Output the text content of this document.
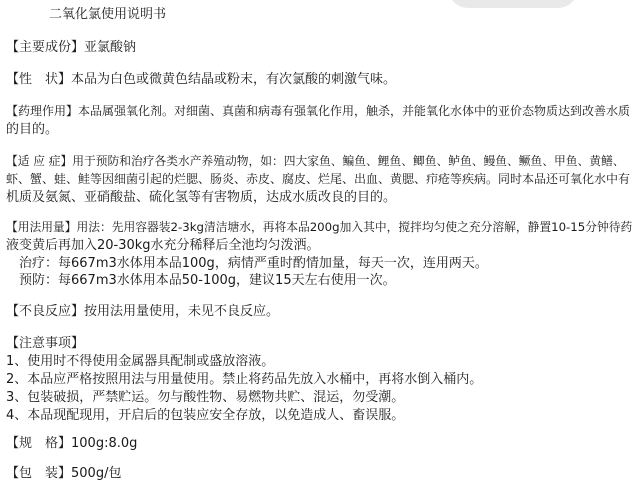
二氧化氯使用说明书
【主要成份】亚氯酸钠
【性　状】本品为白色或微黄色结晶或粉末，有次氯酸的刺激气味。
【药理作用】本品属强氧化剂。对细菌、真菌和病毒有强氧化作用，触杀，并能氧化水体中的亚价态物质达到改善水质
的目的。
【适 应 症】用于预防和治疗各类水产养殖动物，如：四大家鱼、鳊鱼、鲤鱼、鲫鱼、鲈鱼、鳗鱼、鳜鱼、甲鱼、黄鳝、
虾、蟹、蛙、鲑等因细菌引起的烂腮、肠炎、赤皮、腐皮、烂尾、出血、黄腮、疖疮等疾病。同时本品还可氧化水中有
机质及氨氮、亚硝酸盐、硫化氢等有害物质，达成水质改良的目的。
【用法用量】用法：先用容器装2-3kg清洁塘水，再将本品200g加入其中，搅拌均匀使之充分溶解，静置10-15分钟待药
液变黄后再加入20-30kg水充分稀释后全池均匀泼洒。
　治疗：每667m3水体用本品100g，病情严重时酌情加量，每天一次，连用两天。
　预防：每667m3水体用本品50-100g，建议15天左右使用一次。
【不良反应】按用法用量使用，未见不良反应。
【注意事项】
1、使用时不得使用金属器具配制或盛放溶液。
2、本品应严格按照用法与用量使用。禁止将药品先放入水桶中，再将水倒入桶内。
3、包装破损，严禁贮运。勿与酸性物、易燃物共贮、混运，勿受潮。
4、本品现配现用，开启后的包装应安全存放，以免造成人、畜误服。
【规　格】100g:8.0g
【包　装】500g/包
